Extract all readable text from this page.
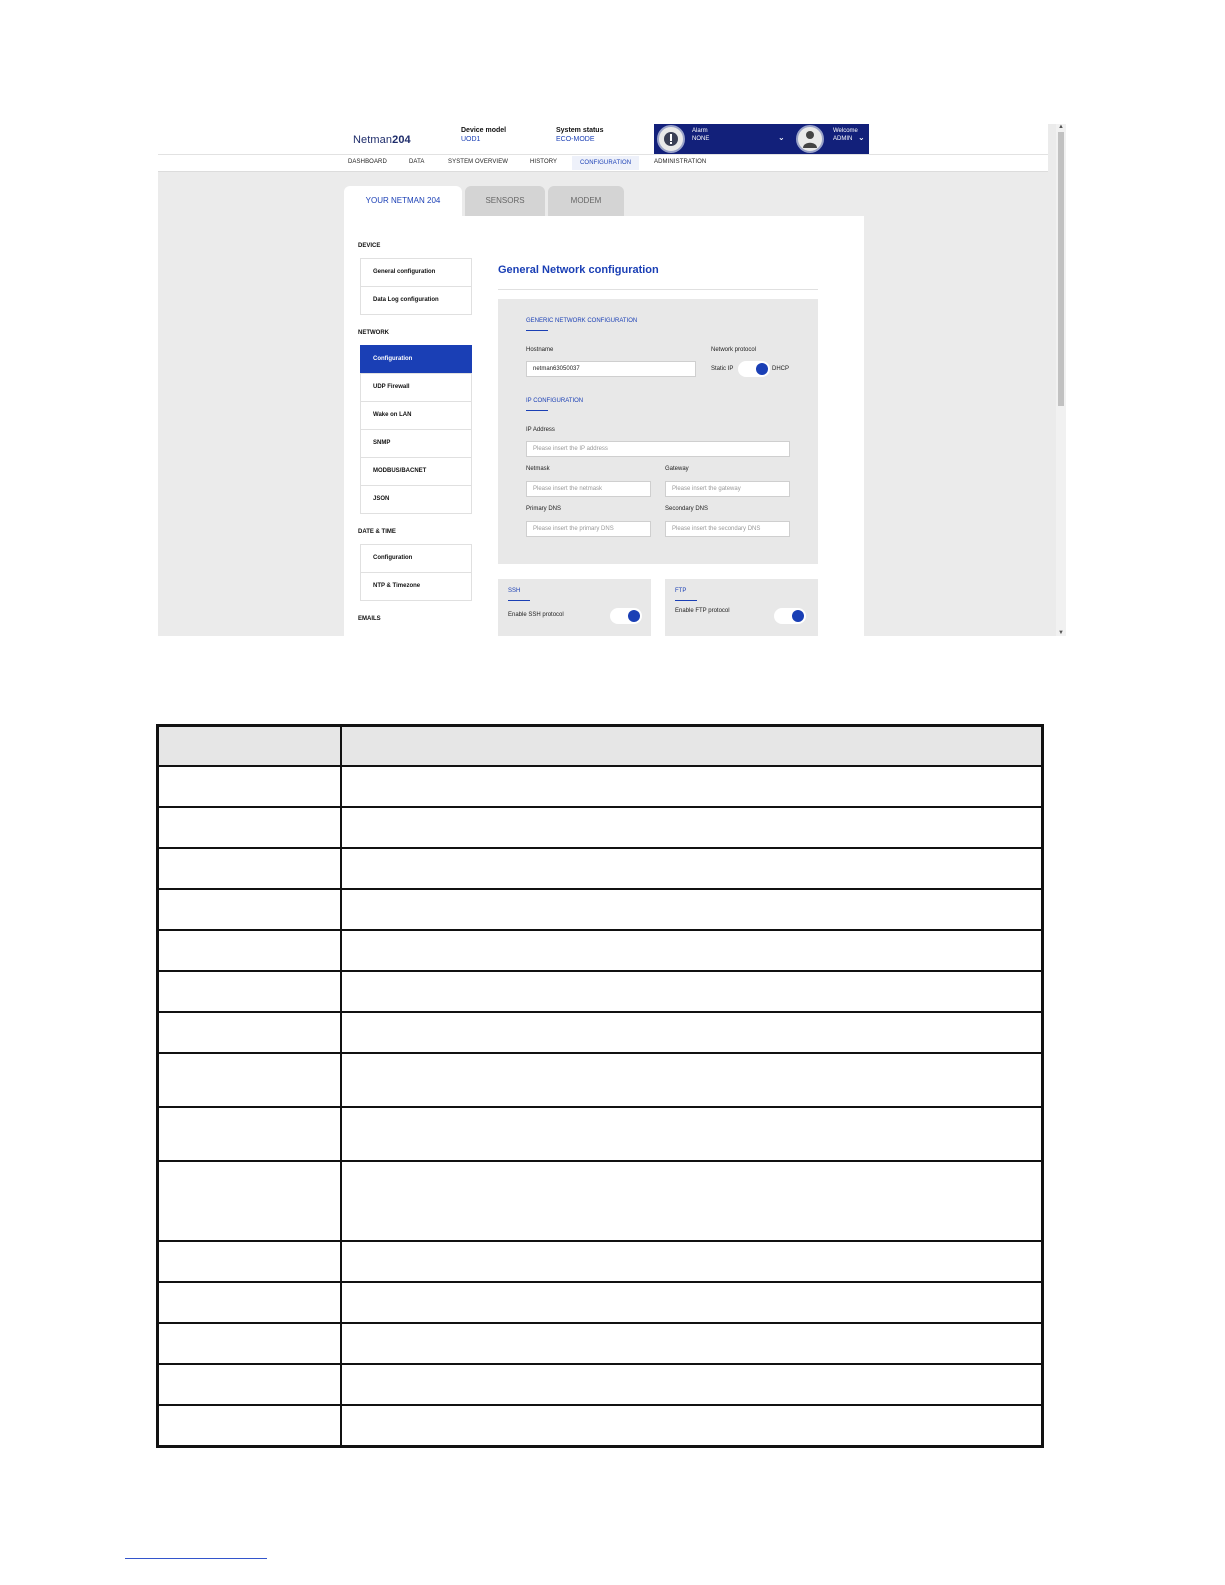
Netman204
Device model
UOD1
System status
ECO-MODE
Alarm
NONE	⌄
Welcome
ADMIN ⌄
DASHBOARD	DATA	SYSTEM OVERVIEW	HISTORY	CONFIGURATION	ADMINISTRATION
YOUR NETMAN 204	SENSORS	MODEM
DEVICE
General configuration
Data Log configuration
NETWORK
Configuration
UDP Firewall
Wake on LAN
SNMP
MODBUS/BACNET
JSON
DATE & TIME
Configuration
NTP & Timezone
EMAILS
General Network configuration
GENERIC NETWORK CONFIGURATION
Hostname
netman63050037
Network protocol
Static IP	DHCP
IP CONFIGURATION
IP Address
Please insert the IP address
Netmask
Please insert the netmask
Gateway
Please insert the gateway
Primary DNS
Please insert the primary DNS
Secondary DNS
Please insert the secondary DNS
SSH
Enable SSH protocol
FTP
Enable FTP protocol
▲
▼
